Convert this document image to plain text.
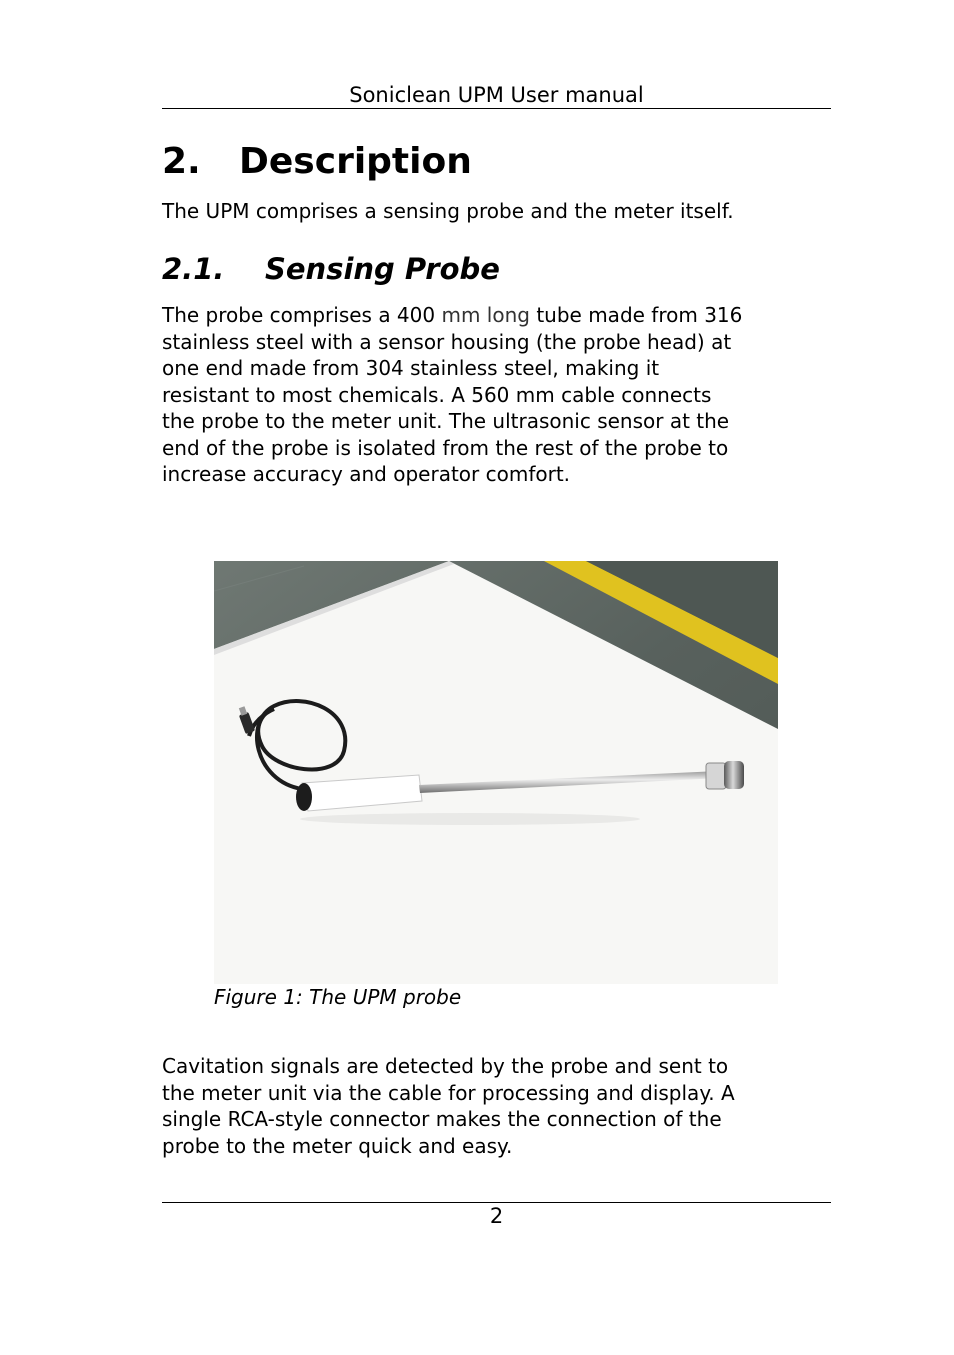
Soniclean UPM User manual
2. Description
The UPM comprises a sensing probe and the meter itself.
2.1. Sensing Probe
The probe comprises a 400 mm long tube made from 316
stainless steel with a sensor housing (the probe head) at
one end made from 304 stainless steel, making it
resistant to most chemicals. A 560 mm cable connects
the probe to the meter unit. The ultrasonic sensor at the
end of the probe is isolated from the rest of the probe to
increase accuracy and operator comfort.
Figure 1: The UPM probe
Cavitation signals are detected by the probe and sent to
the meter unit via the cable for processing and display. A
single RCA-style connector makes the connection of the
probe to the meter quick and easy.
2
